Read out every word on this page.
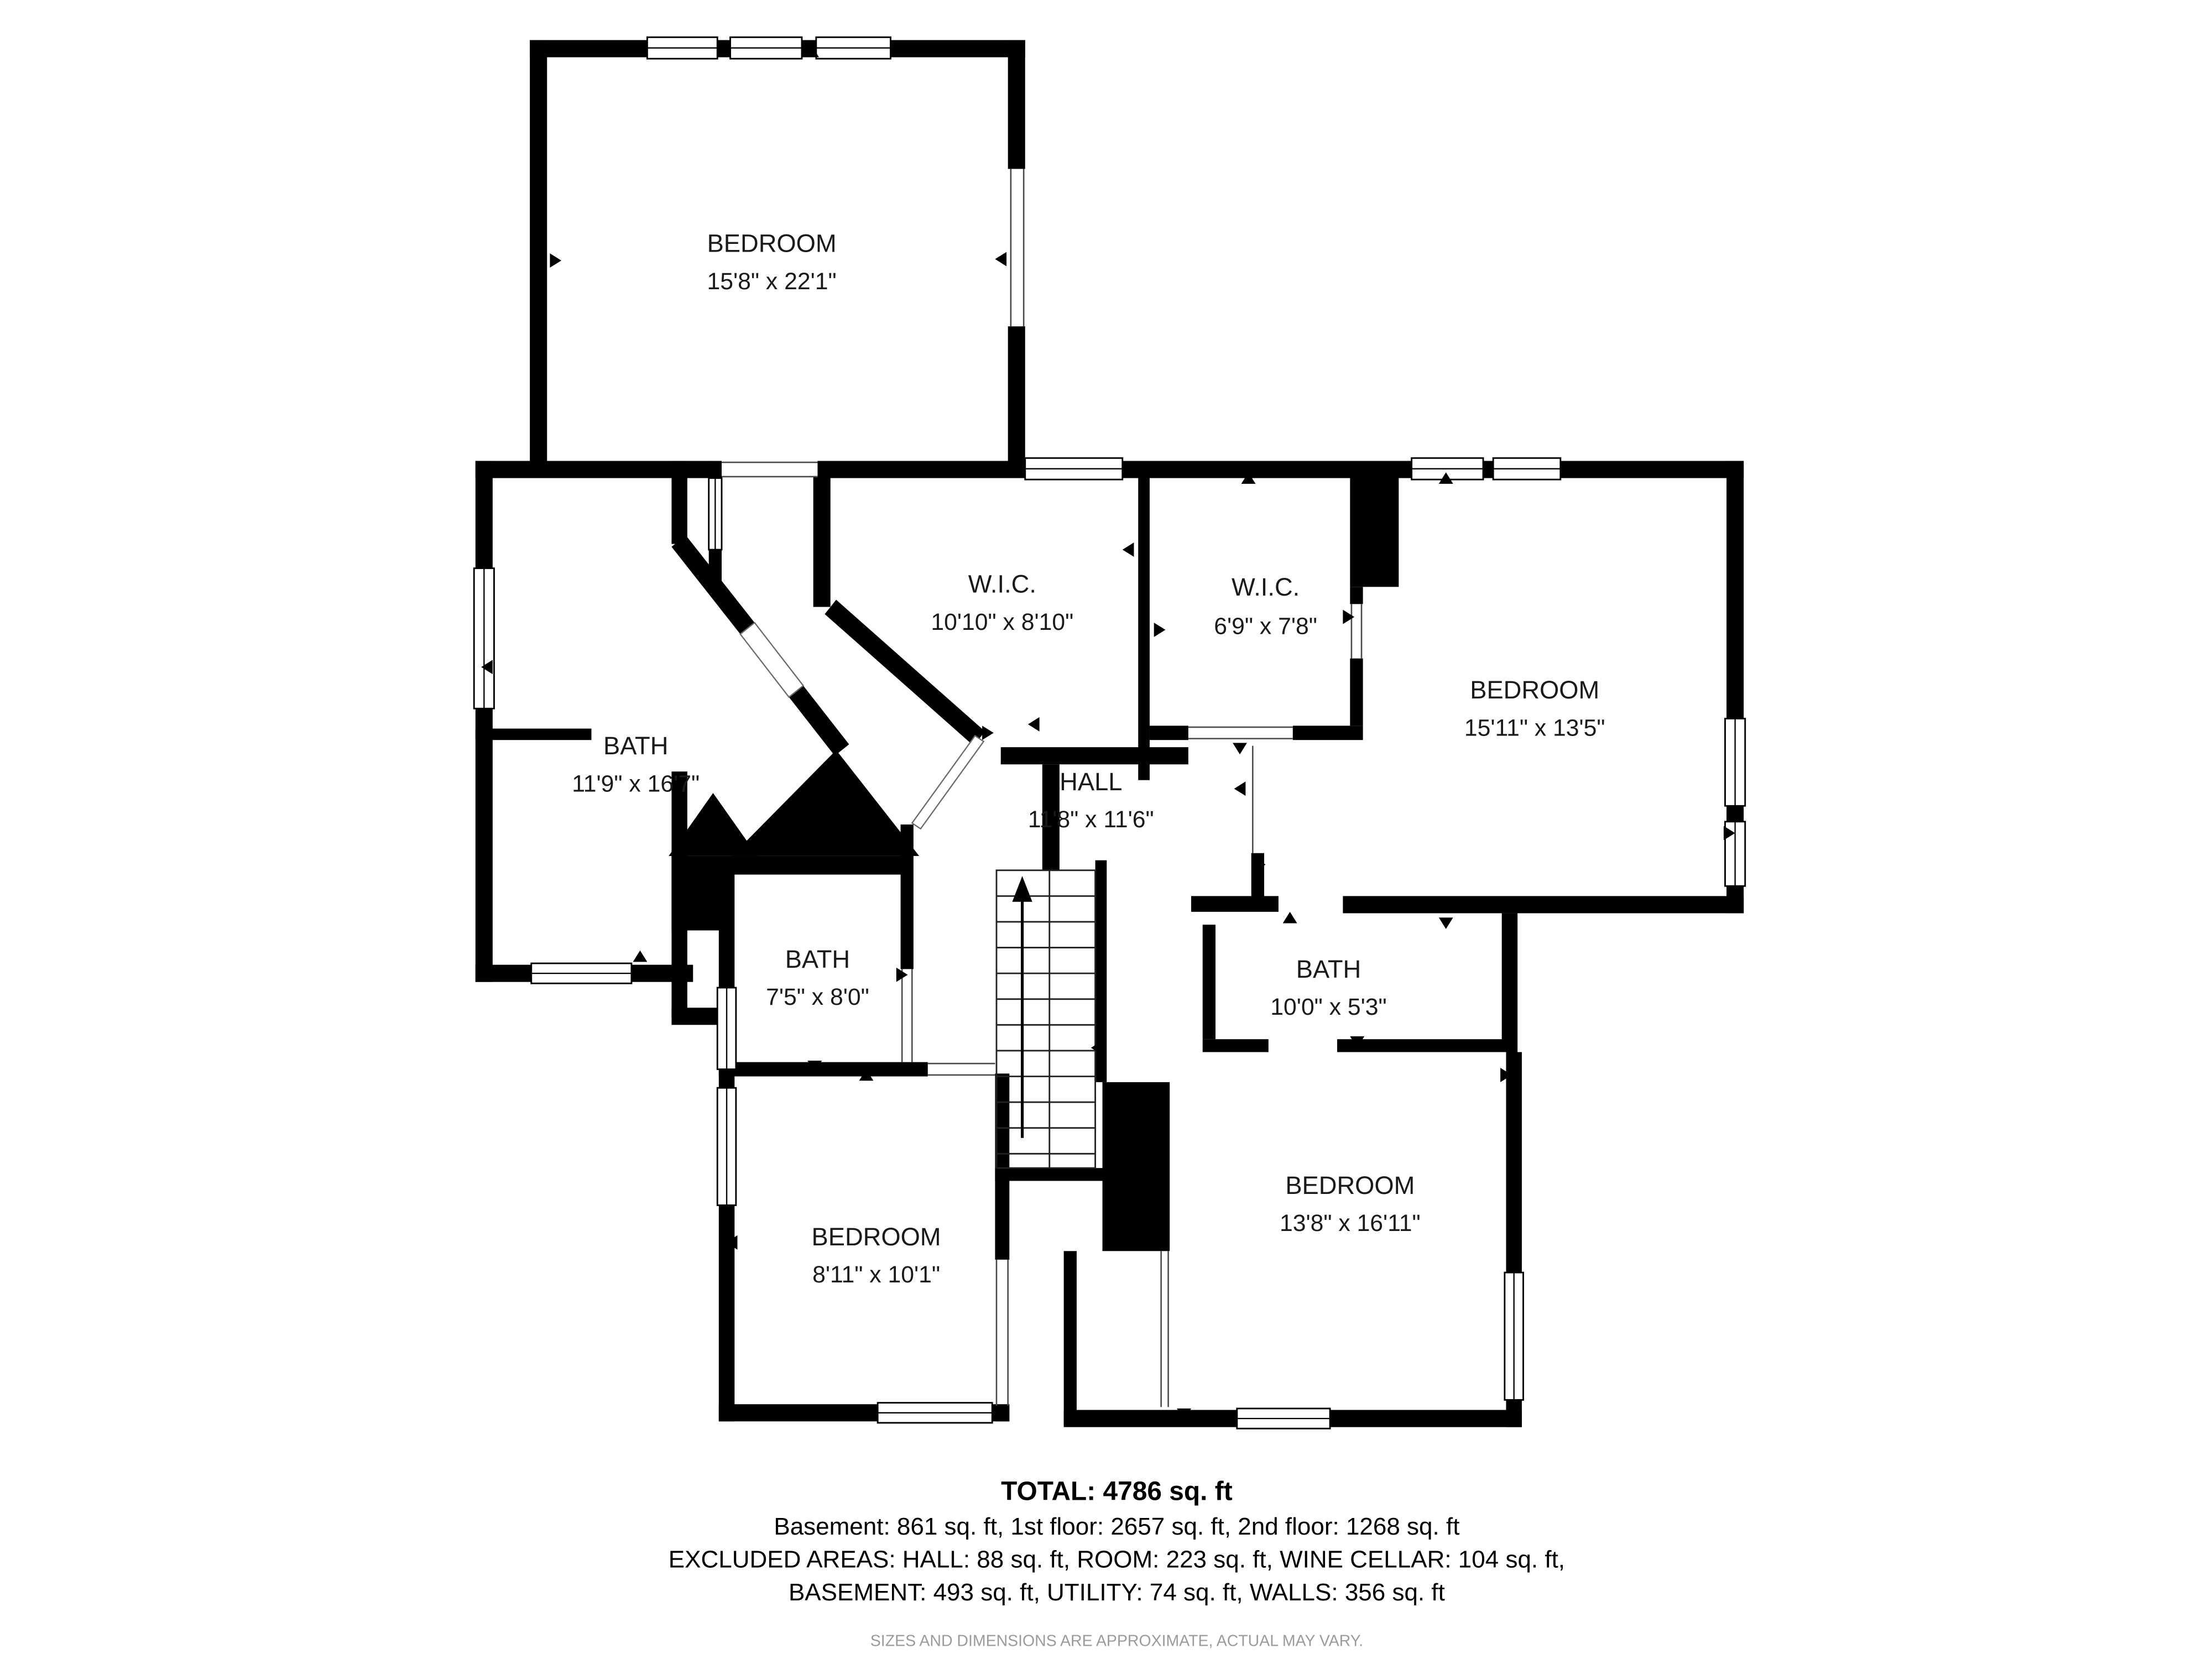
BEDROOM
15'8" x 22'1"
W.I.C.
10'10" x 8'10"
W.I.C.
6'9" x 7'8"
BEDROOM
15'11" x 13'5"
BATH
11'9" x 16'7"	HALL
11'8" x 11'6"
BATH
7'5" x 8'0"
BATH
10'0" x 5'3"
BEDROOM
8'11" x 10'1"
BEDROOM
13'8" x 16'11"
TOTAL: 4786 sq. ft
Basement: 861 sq. ft, 1st floor: 2657 sq. ft, 2nd floor: 1268 sq. ft
EXCLUDED AREAS: HALL: 88 sq. ft, ROOM: 223 sq. ft, WINE CELLAR: 104 sq. ft,
BASEMENT: 493 sq. ft, UTILITY: 74 sq. ft, WALLS: 356 sq. ft
SIZES AND DIMENSIONS ARE APPROXIMATE, ACTUAL MAY VARY.
